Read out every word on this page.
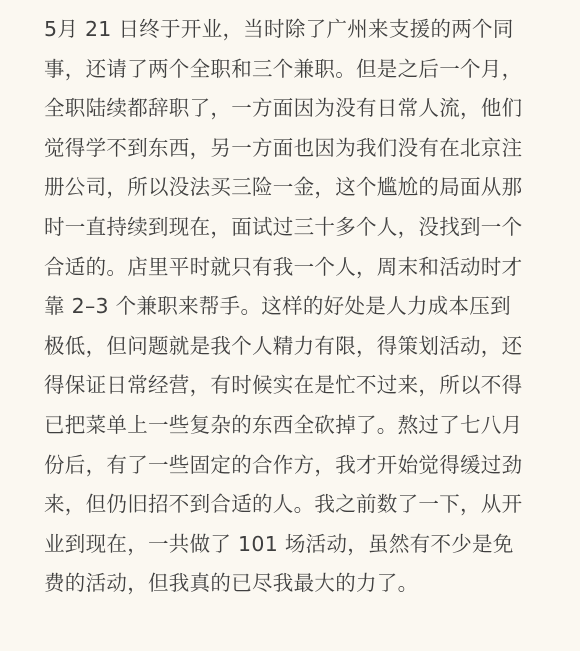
5月 21 日终于开业，当时除了广州来支援的两个同
事，还请了两个全职和三个兼职。但是之后一个月，
全职陆续都辞职了，一方面因为没有日常人流，他们
觉得学不到东西，另一方面也因为我们没有在北京注
册公司，所以没法买三险一金，这个尴尬的局面从那
时一直持续到现在，面试过三十多个人，没找到一个
合适的。店里平时就只有我一个人，周末和活动时才
靠 2–3 个兼职来帮手。这样的好处是人力成本压到
极低，但问题就是我个人精力有限，得策划活动，还
得保证日常经营，有时候实在是忙不过来，所以不得
已把菜单上一些复杂的东西全砍掉了。熬过了七八月
份后，有了一些固定的合作方，我才开始觉得缓过劲
来，但仍旧招不到合适的人。我之前数了一下，从开
业到现在，一共做了 101 场活动，虽然有不少是免
费的活动，但我真的已尽我最大的力了。
